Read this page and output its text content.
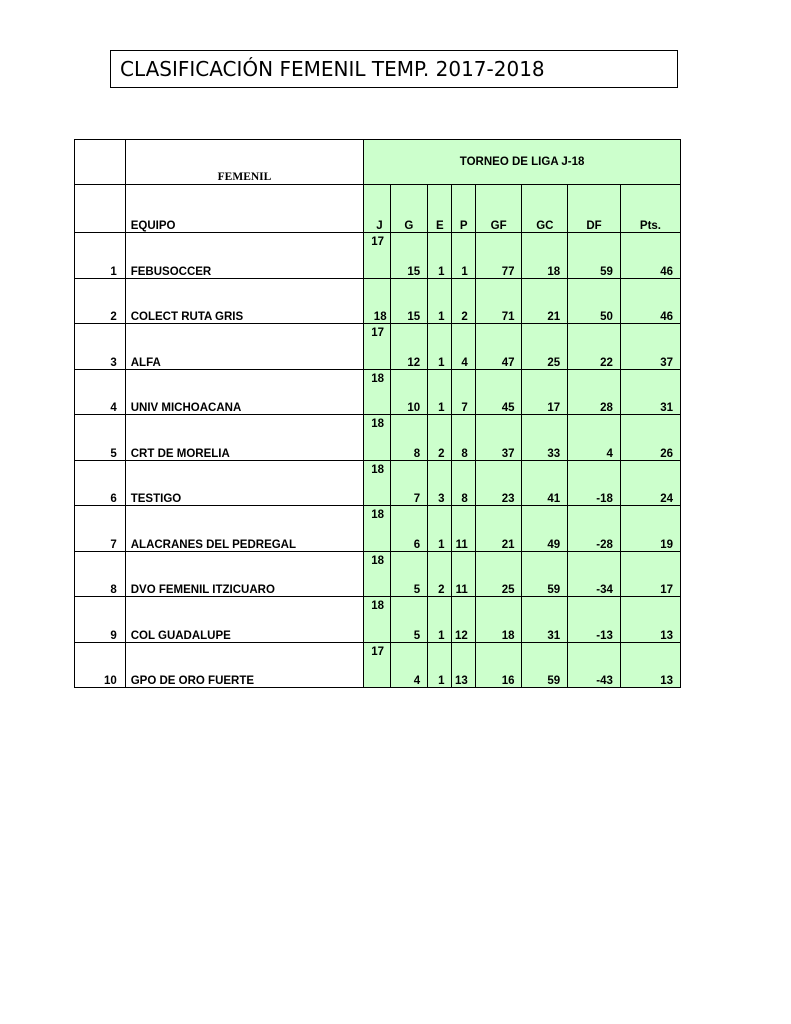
CLASIFICACIÓN FEMENIL TEMP. 2017-2018
	FEMENIL	TORNEO DE LIGA J-18							
	EQUIPO	J	G	E	P	GF	GC	DF	Pts.
1	FEBUSOCCER	17	15	1	1	77	18	59	46
2	COLECT RUTA GRIS	18	15	1	2	71	21	50	46
3	ALFA	17	12	1	4	47	25	22	37
4	UNIV MICHOACANA	18	10	1	7	45	17	28	31
5	CRT DE MORELIA	18	8	2	8	37	33	4	26
6	TESTIGO	18	7	3	8	23	41	-18	24
7	ALACRANES DEL PEDREGAL	18	6	1	11	21	49	-28	19
8	DVO FEMENIL ITZICUARO	18	5	2	11	25	59	-34	17
9	COL GUADALUPE	18	5	1	12	18	31	-13	13
10	GPO DE ORO FUERTE	17	4	1	13	16	59	-43	13
